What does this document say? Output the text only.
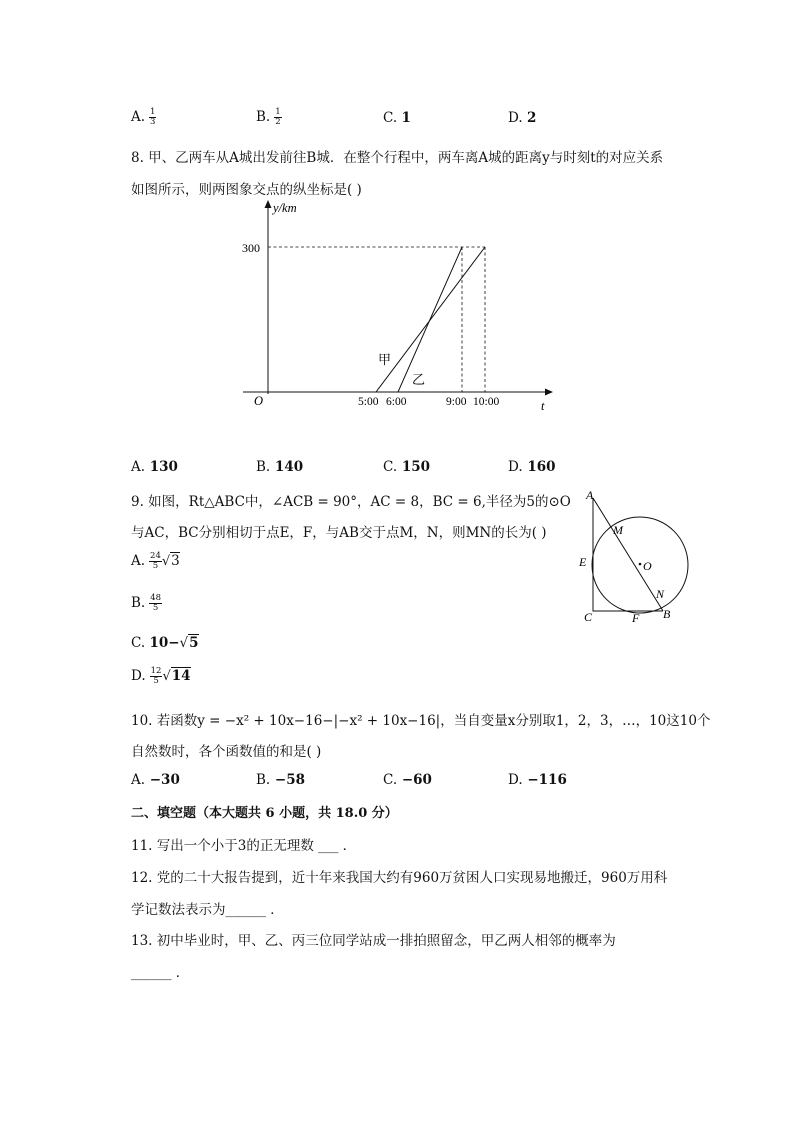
A. $\frac{1}{3}$	B. $\frac{1}{2}$	C. 1	D. 2
8. 甲、乙两车从A城出发前往B城．在整个行程中，两车离A城的距离y与时刻t的对应关系
如图所示，则两图象交点的纵坐标是( )
y/km
t
O
300
甲
乙
5:00 6:00	9:00 10:00
A. 130	B. 140	C. 150	D. 160
9. 如图，Rt△ABC中，∠ACB = 90°，AC = 8，BC = 6,半径为5的⊙O
与AC，BC分别相切于点E，F，与AB交于点M，N，则MN的长为( )
A
B
C
E
F
M
N
O
A. $\frac{24}{5} √3$
B. $\frac{48}{5}$
C. 10−√5
D. $\frac{12}{5} √14$
10. 若函数y = −x² + 10x−16−|−x² + 10x−16|，当自变量x分别取1，2，3，…，10这10个
自然数时，各个函数值的和是( )
A. −30	B. −58	C. −60	D. −116
二、填空题（本大题共 6 小题，共 18.0 分）
11. 写出一个小于3的正无理数 ___ ．
12. 党的二十大报告提到，近十年来我国大约有960万贫困人口实现易地搬迁，960万用科
学记数法表示为______ ．
13. 初中毕业时，甲、乙、丙三位同学站成一排拍照留念，甲乙两人相邻的概率为
______ ．
